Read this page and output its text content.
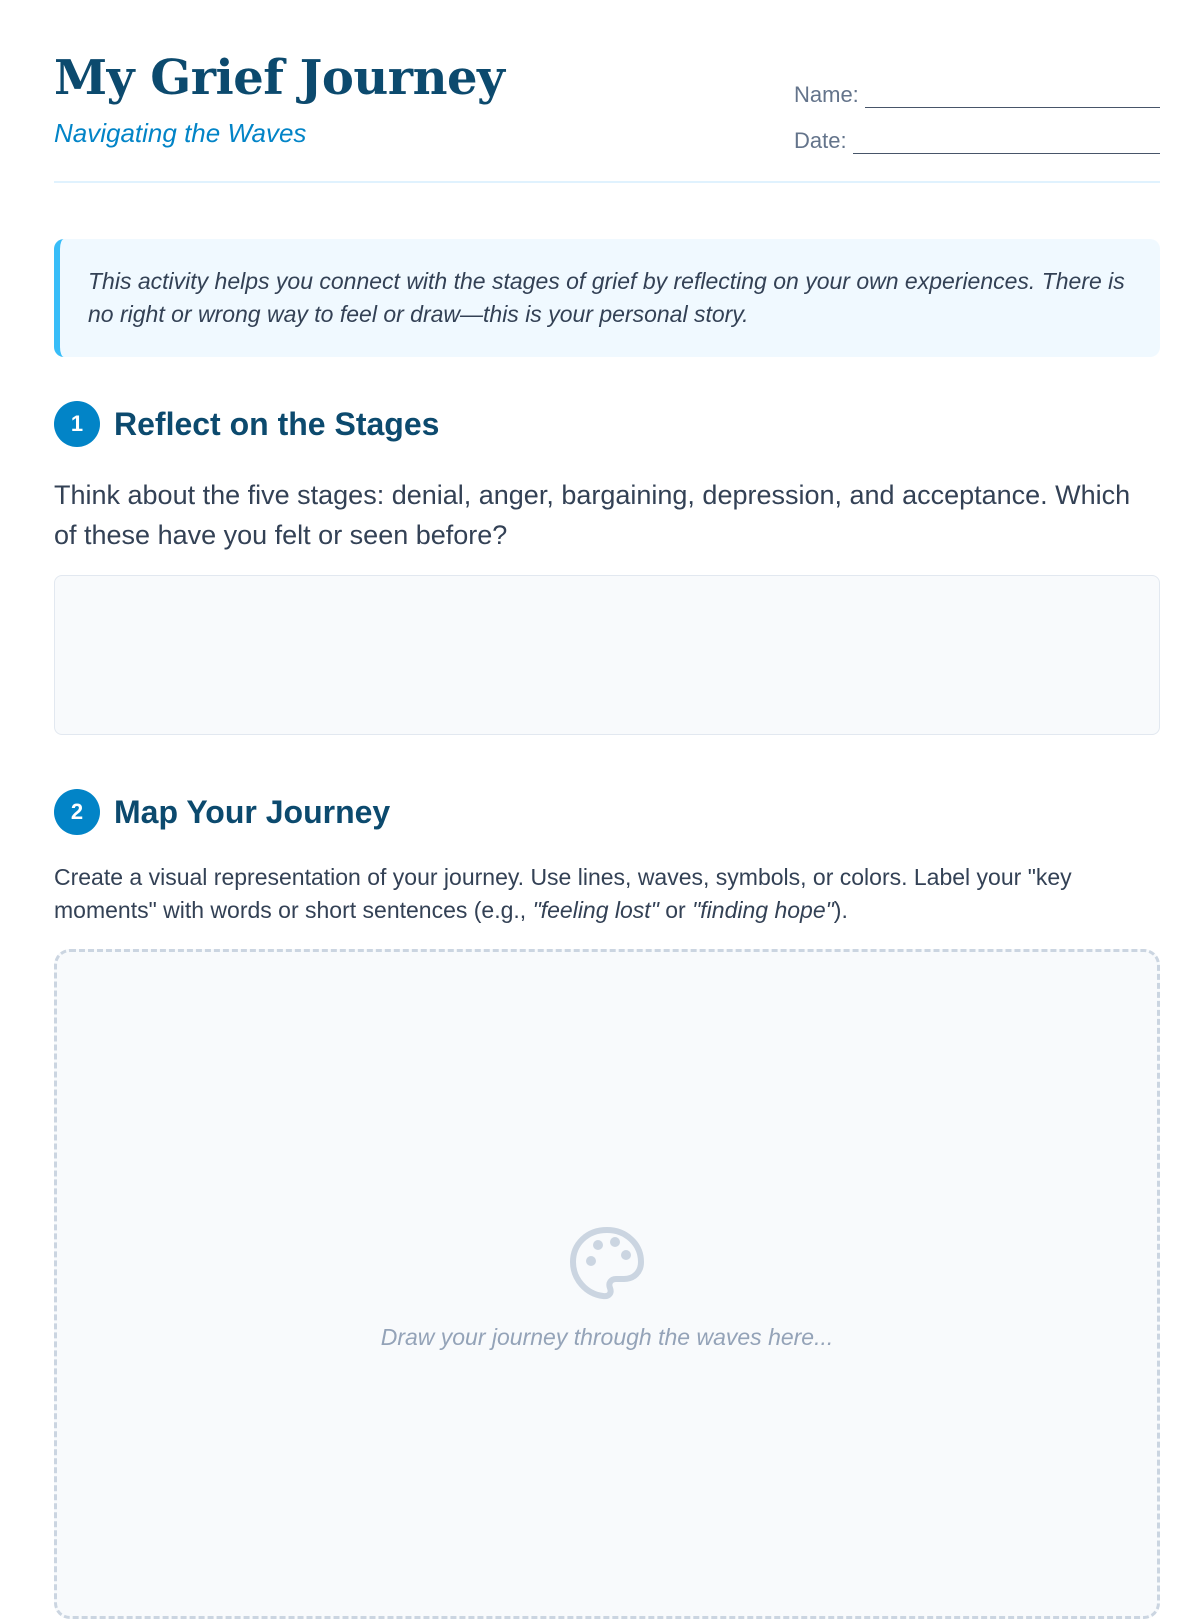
My Grief Journey
Navigating the Waves
Name:
Date:
This activity helps you connect with the stages of grief by reflecting on your own experiences. There is no right or wrong way to feel or draw—this is your personal story.
1 Reflect on the Stages
Think about the five stages: denial, anger, bargaining, depression, and acceptance. Which of these have you felt or seen before?
2 Map Your Journey
Create a visual representation of your journey. Use lines, waves, symbols, or colors. Label your "key moments" with words or short sentences (e.g., "feeling lost" or "finding hope").
Draw your journey through the waves here...
